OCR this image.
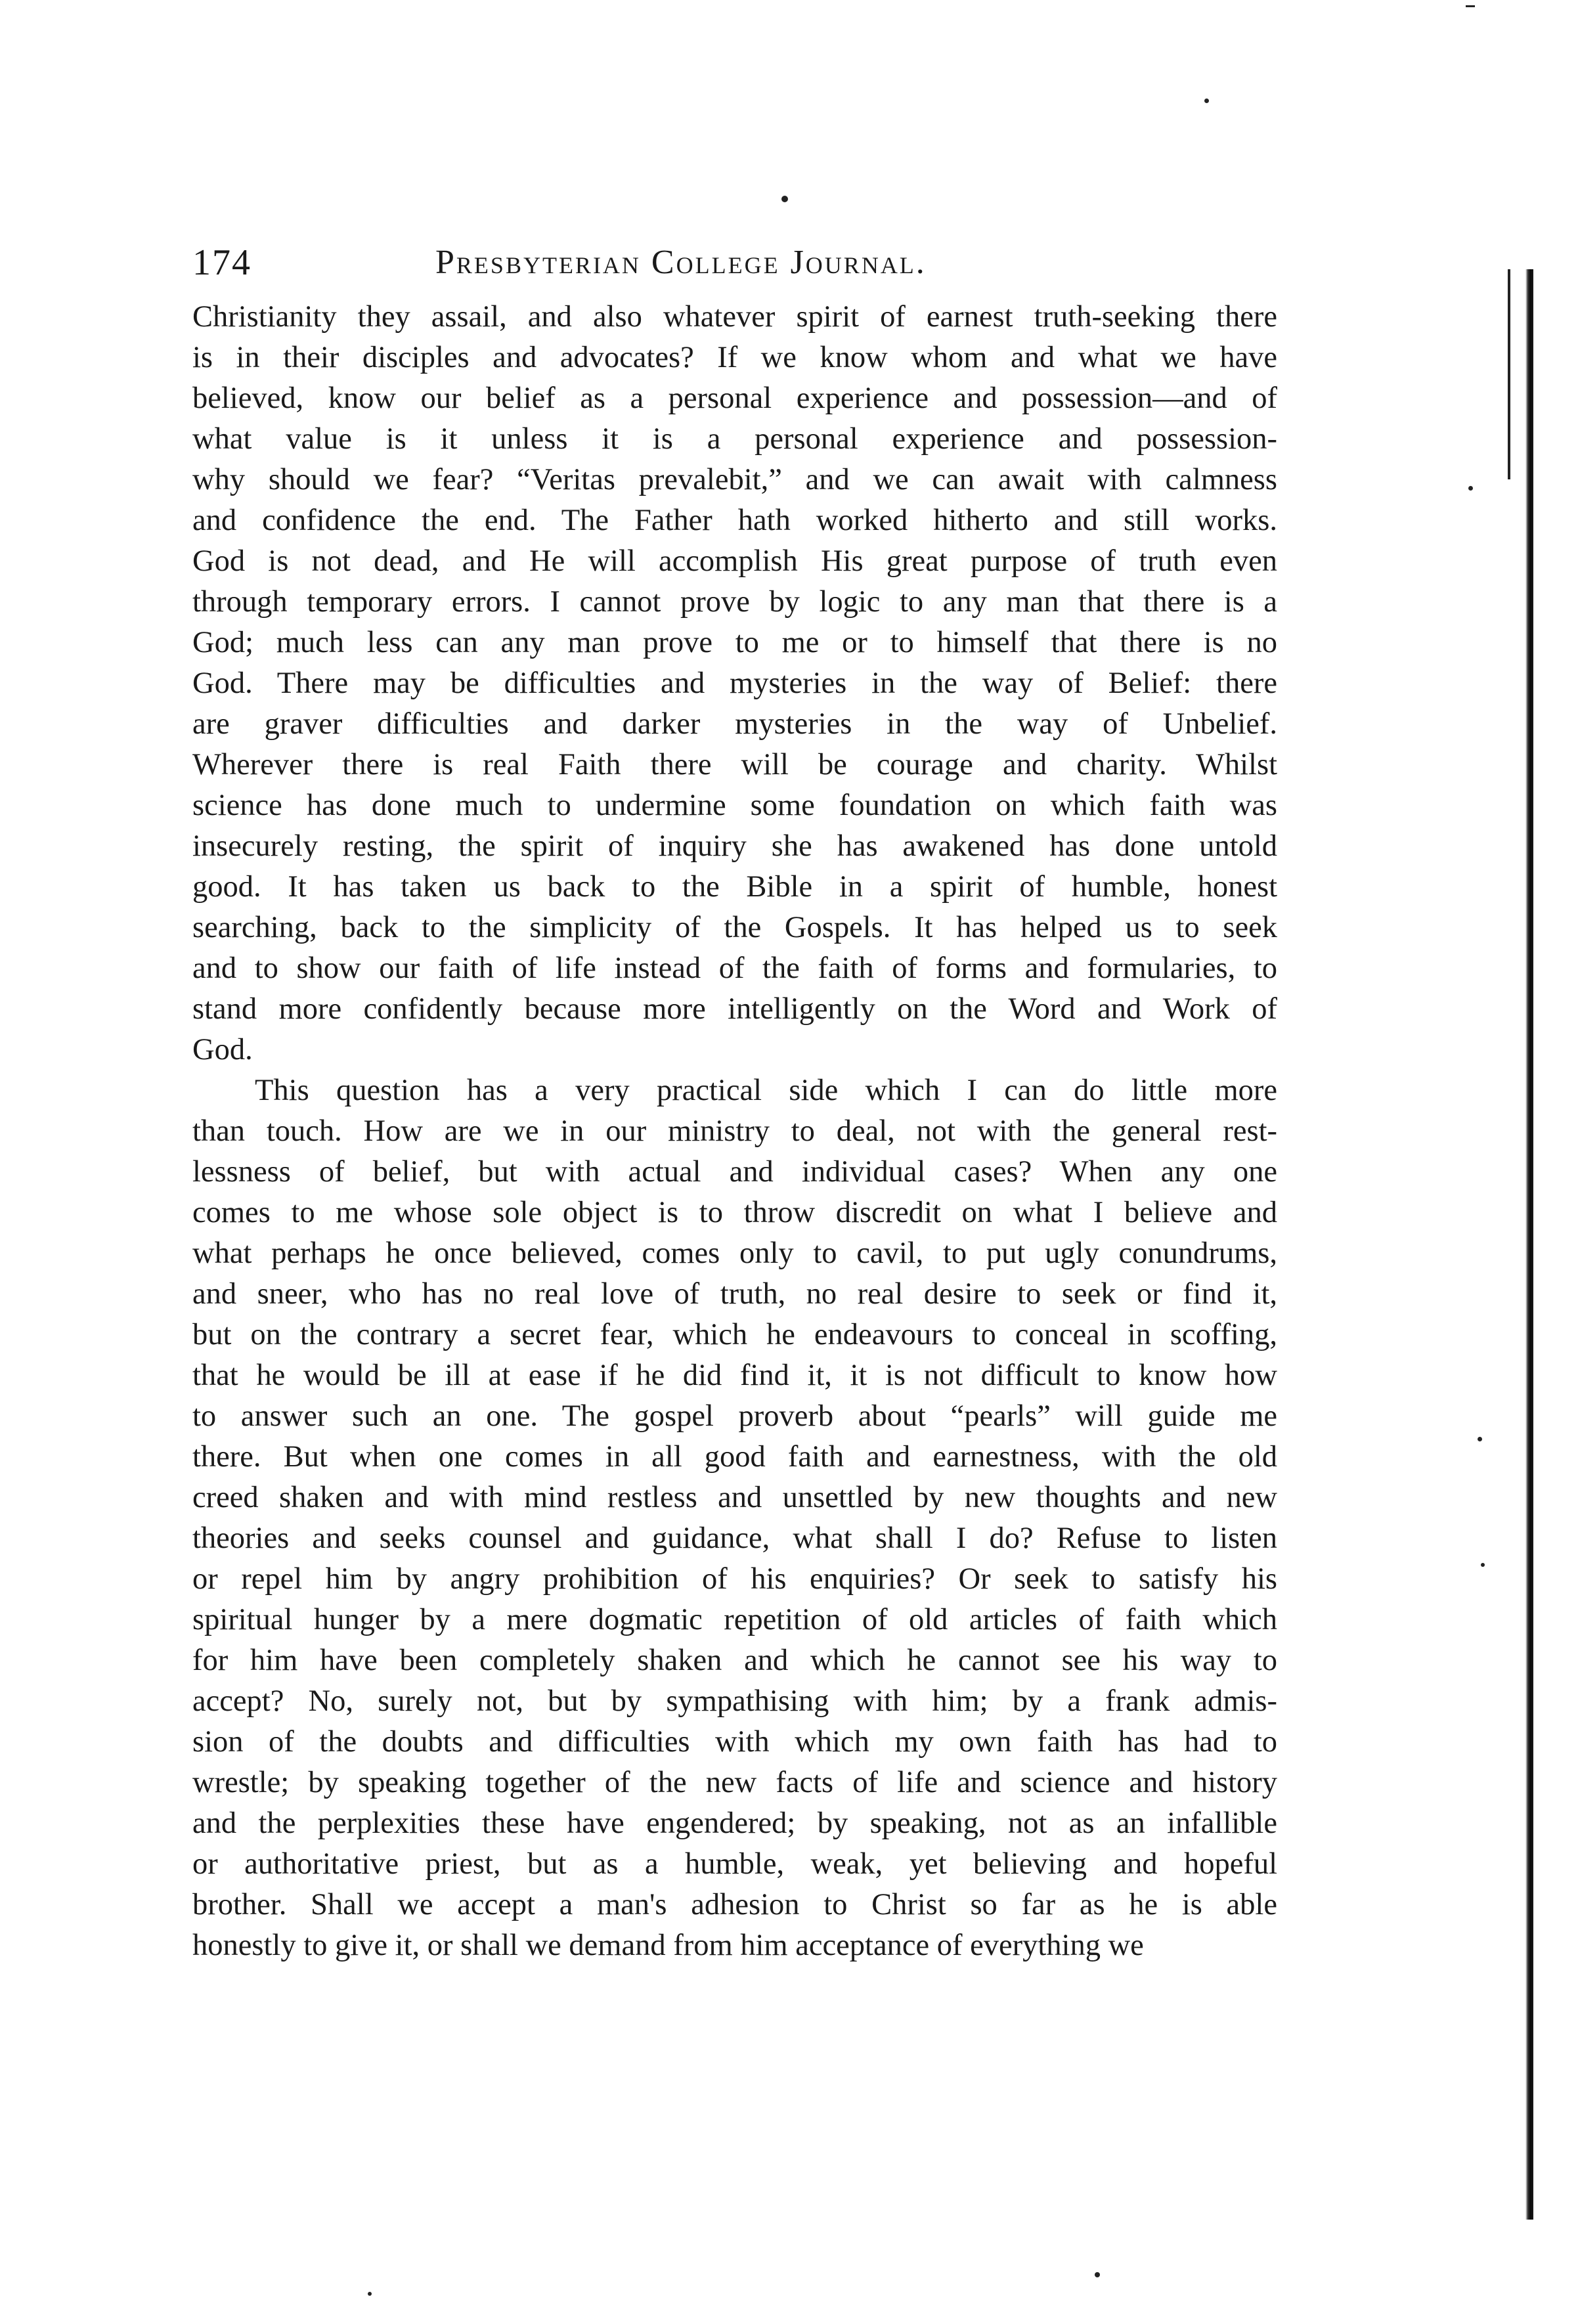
174	Presbyterian College Journal.
Christianity they assail, and also whatever spirit of earnest truth-seeking there
is in their disciples and advocates? If we know whom and what we have
believed, know our belief as a personal experience and possession—and of
what value is it unless it is a personal experience and possession-
why should we fear? “Veritas prevalebit,” and we can await with calmness
and confidence the end. The Father hath worked hitherto and still works.
God is not dead, and He will accomplish His great purpose of truth even
through temporary errors. I cannot prove by logic to any man that there is a
God; much less can any man prove to me or to himself that there is no
God. There may be difficulties and mysteries in the way of Belief: there
are graver difficulties and darker mysteries in the way of Unbelief.
Wherever there is real Faith there will be courage and charity. Whilst
science has done much to undermine some foundation on which faith was
insecurely resting, the spirit of inquiry she has awakened has done untold
good. It has taken us back to the Bible in a spirit of humble, honest
searching, back to the simplicity of the Gospels. It has helped us to seek
and to show our faith of life instead of the faith of forms and formularies, to
stand more confidently because more intelligently on the Word and Work of
God.
This question has a very practical side which I can do little more
than touch. How are we in our ministry to deal, not with the general rest-
lessness of belief, but with actual and individual cases? When any one
comes to me whose sole object is to throw discredit on what I believe and
what perhaps he once believed, comes only to cavil, to put ugly conundrums,
and sneer, who has no real love of truth, no real desire to seek or find it,
but on the contrary a secret fear, which he endeavours to conceal in scoffing,
that he would be ill at ease if he did find it, it is not difficult to know how
to answer such an one. The gospel proverb about “pearls” will guide me
there. But when one comes in all good faith and earnestness, with the old
creed shaken and with mind restless and unsettled by new thoughts and new
theories and seeks counsel and guidance, what shall I do? Refuse to listen
or repel him by angry prohibition of his enquiries? Or seek to satisfy his
spiritual hunger by a mere dogmatic repetition of old articles of faith which
for him have been completely shaken and which he cannot see his way to
accept? No, surely not, but by sympathising with him; by a frank admis-
sion of the doubts and difficulties with which my own faith has had to
wrestle; by speaking together of the new facts of life and science and history
and the perplexities these have engendered; by speaking, not as an infallible
or authoritative priest, but as a humble, weak, yet believing and hopeful
brother. Shall we accept a man's adhesion to Christ so far as he is able
honestly to give it, or shall we demand from him acceptance of everything we
